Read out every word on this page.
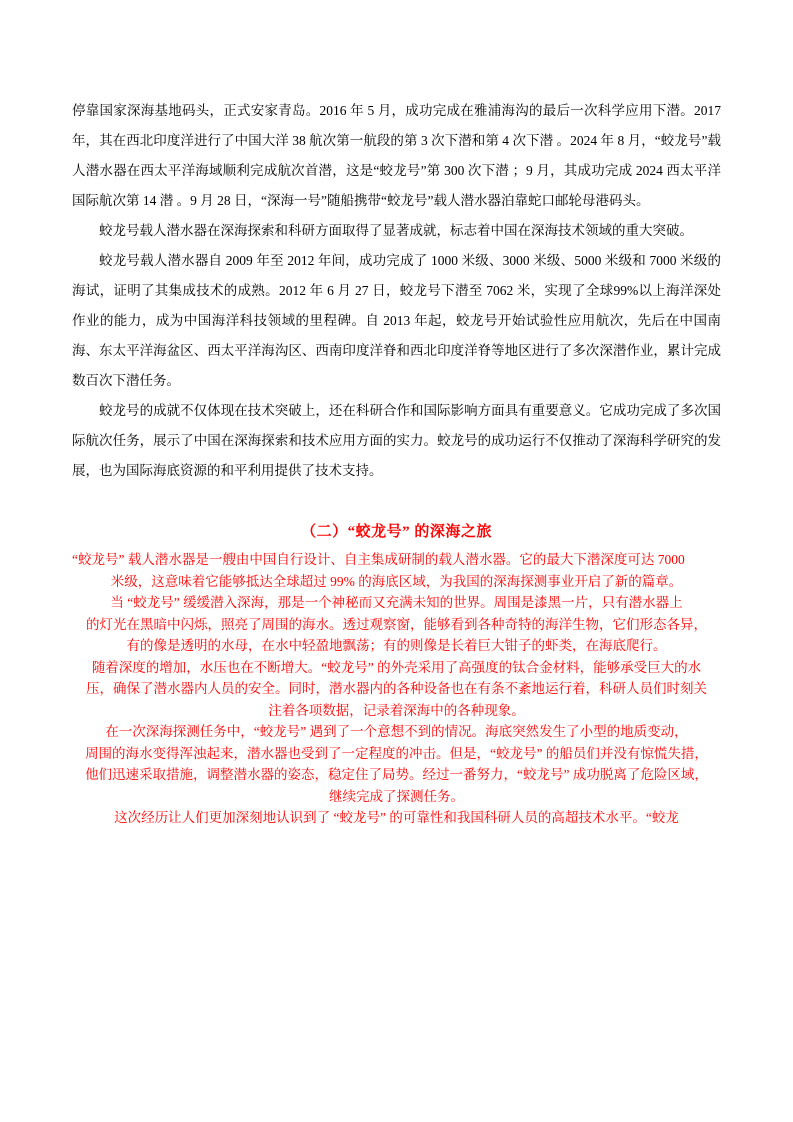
停靠国家深海基地码头，正式安家青岛。2016 年 5 月，成功完成在雅浦海沟的最后一次科学应用下潜。2017 年，其在西北印度洋进行了中国大洋 38 航次第一航段的第 3 次下潜和第 4 次下潜 。2024 年 8 月，“蛟龙号”载人潜水器在西太平洋海域顺利完成航次首潜，这是“蛟龙号”第 300 次下潜 ；9 月，其成功完成 2024 西太平洋国际航次第 14 潜 。9 月 28 日，“深海一号”随船携带“蛟龙号”载人潜水器泊靠蛇口邮轮母港码头。

蛟龙号载人潜水器在深海探索和科研方面取得了显著成就，标志着中国在深海技术领域的重大突破。

蛟龙号载人潜水器自 2009 年至 2012 年间，成功完成了 1000 米级、3000 米级、5000 米级和 7000 米级的海试，证明了其集成技术的成熟。2012 年 6 月 27 日，蛟龙号下潜至 7062 米，实现了全球99%以上海洋深处作业的能力，成为中国海洋科技领域的里程碑。自 2013 年起，蛟龙号开始试验性应用航次，先后在中国南海、东太平洋海盆区、西太平洋海沟区、西南印度洋脊和西北印度洋脊等地区进行了多次深潜作业，累计完成数百次下潜任务。

蛟龙号的成就不仅体现在技术突破上，还在科研合作和国际影响方面具有重要意义。它成功完成了多次国际航次任务，展示了中国在深海探索和技术应用方面的实力。蛟龙号的成功运行不仅推动了深海科学研究的发展，也为国际海底资源的和平利用提供了技术支持。

（二）“蛟龙号” 的深海之旅

“蛟龙号” 载人潜水器是一艘由中国自行设计、自主集成研制的载人潜水器。它的最大下潜深度可达 7000

米级，这意味着它能够抵达全球超过 99% 的海底区域，为我国的深海探测事业开启了新的篇章。

当 “蛟龙号” 缓缓潜入深海，那是一个神秘而又充满未知的世界。周围是漆黑一片，只有潜水器上

的灯光在黑暗中闪烁，照亮了周围的海水。透过观察窗，能够看到各种奇特的海洋生物，它们形态各异，

有的像是透明的水母，在水中轻盈地飘荡；有的则像是长着巨大钳子的虾类，在海底爬行。

随着深度的增加，水压也在不断增大。“蛟龙号” 的外壳采用了高强度的钛合金材料，能够承受巨大的水

压，确保了潜水器内人员的安全。同时，潜水器内的各种设备也在有条不紊地运行着，科研人员们时刻关

注着各项数据，记录着深海中的各种现象。

在一次深海探测任务中，“蛟龙号” 遇到了一个意想不到的情况。海底突然发生了小型的地质变动，

周围的海水变得浑浊起来，潜水器也受到了一定程度的冲击。但是，“蛟龙号” 的船员们并没有惊慌失措，

他们迅速采取措施，调整潜水器的姿态，稳定住了局势。经过一番努力，“蛟龙号” 成功脱离了危险区域，

继续完成了探测任务。

这次经历让人们更加深刻地认识到了 “蛟龙号” 的可靠性和我国科研人员的高超技术水平。“蛟龙
